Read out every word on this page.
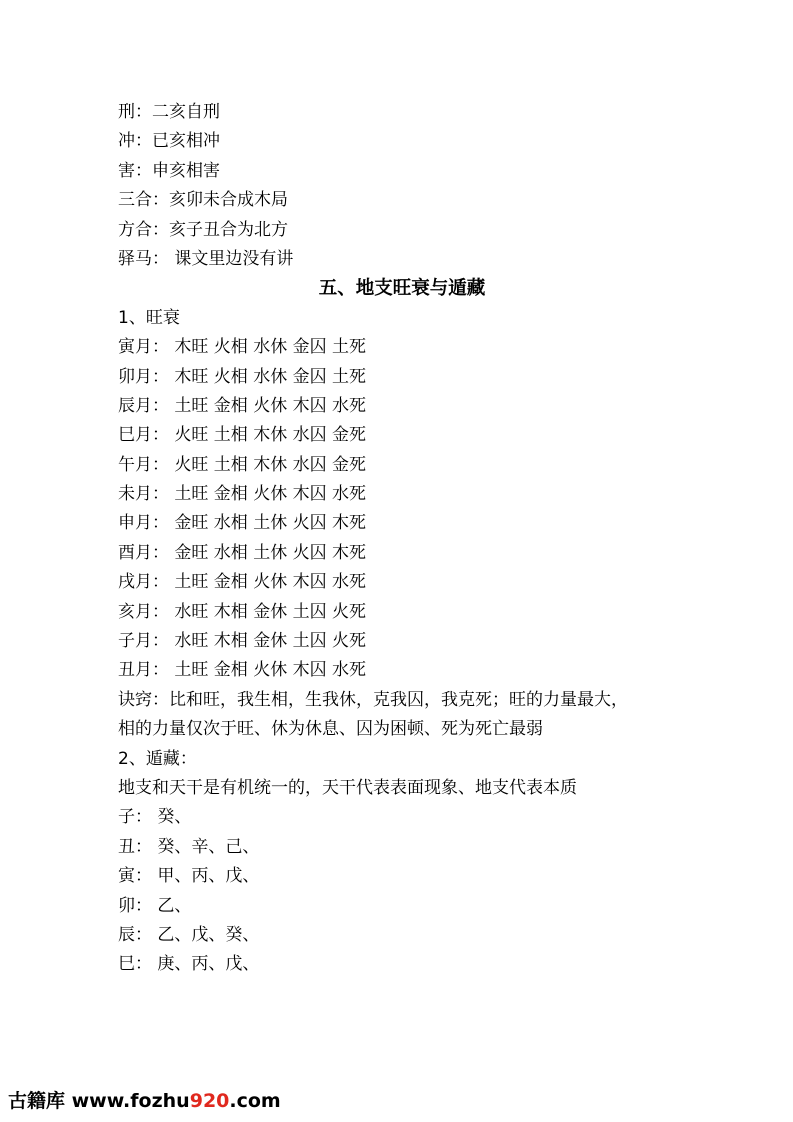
刑：二亥自刑
冲：已亥相冲
害：申亥相害
三合：亥卯未合成木局
方合：亥子丑合为北方
驿马： 课文里边没有讲
五、地支旺衰与遁藏
1、旺衰
寅月： 木旺 火相 水休 金囚 土死
卯月： 木旺 火相 水休 金囚 土死
辰月： 土旺 金相 火休 木囚 水死
巳月： 火旺 土相 木休 水囚 金死
午月： 火旺 土相 木休 水囚 金死
未月： 土旺 金相 火休 木囚 水死
申月： 金旺 水相 土休 火囚 木死
酉月： 金旺 水相 土休 火囚 木死
戌月： 土旺 金相 火休 木囚 水死
亥月： 水旺 木相 金休 土囚 火死
子月： 水旺 木相 金休 土囚 火死
丑月： 土旺 金相 火休 木囚 水死
诀窍：比和旺，我生相，生我休，克我囚，我克死；旺的力量最大，
相的力量仅次于旺、休为休息、囚为困顿、死为死亡最弱
2、遁藏：
地支和天干是有机统一的，天干代表表面现象、地支代表本质
子： 癸、
丑： 癸、辛、己、
寅： 甲、丙、戊、
卯： 乙、
辰： 乙、戊、癸、
巳： 庚、丙、戊、
古籍库 www.fozhu920.com
